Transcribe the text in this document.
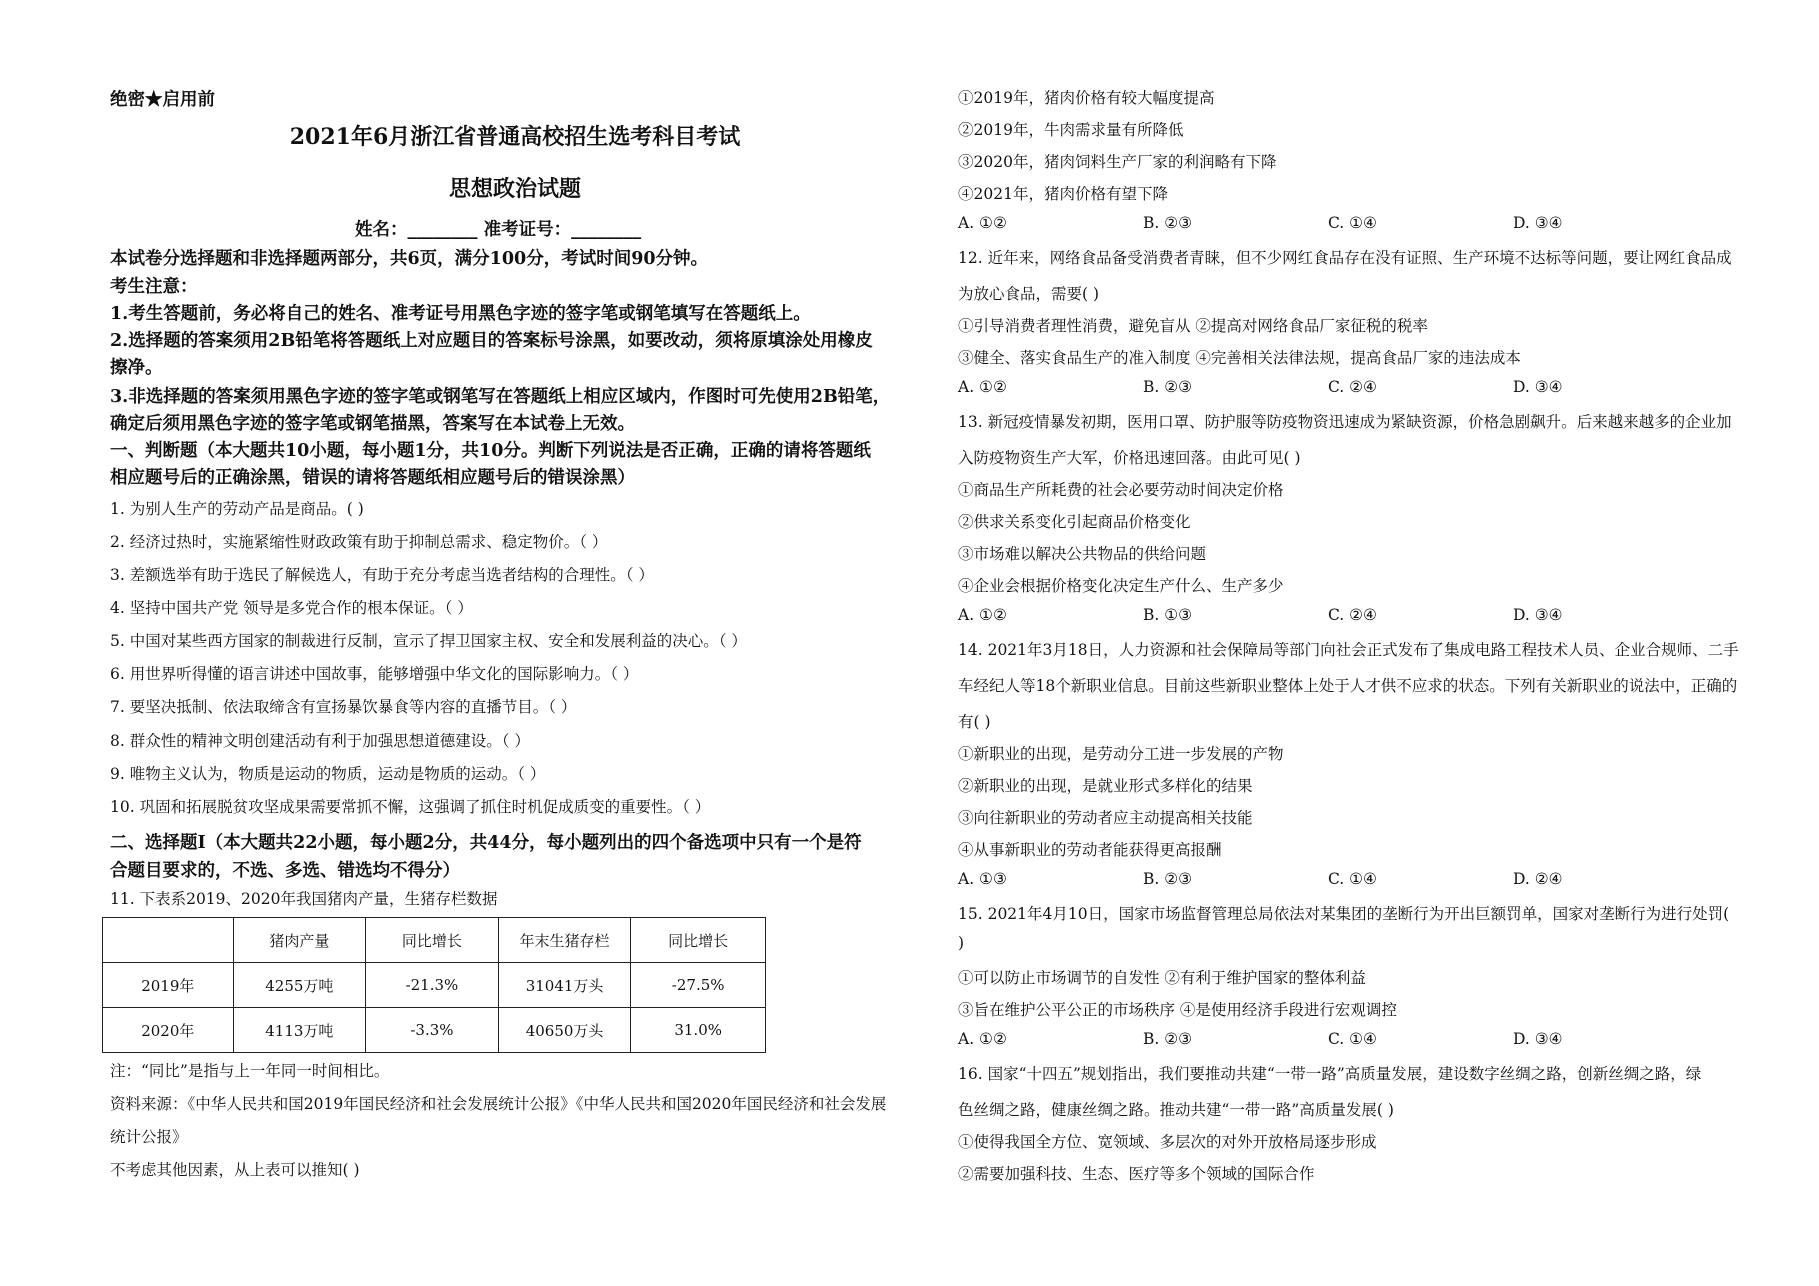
绝密★启用前
2021年6月浙江省普通高校招生选考科目考试
思想政治试题
姓名：________ 准考证号：________
本试卷分选择题和非选择题两部分，共6页，满分100分，考试时间90分钟。
考生注意：
1.考生答题前，务必将自己的姓名、准考证号用黑色字迹的签字笔或钢笔填写在答题纸上。
2.选择题的答案须用2B铅笔将答题纸上对应题目的答案标号涂黑，如要改动，须将原填涂处用橡皮
擦净。
3.非选择题的答案须用黑色字迹的签字笔或钢笔写在答题纸上相应区域内，作图时可先使用2B铅笔，
确定后须用黑色字迹的签字笔或钢笔描黑，答案写在本试卷上无效。
一、判断题（本大题共10小题，每小题1分，共10分。判断下列说法是否正确，正确的请将答题纸
相应题号后的正确涂黑，错误的请将答题纸相应题号后的错误涂黑）
1. 为别人生产的劳动产品是商品。( )
2. 经济过热时，实施紧缩性财政政策有助于抑制总需求、稳定物价。（ ）
3. 差额选举有助于选民了解候选人，有助于充分考虑当选者结构的合理性。（ ）
4. 坚持中国共产党 领导是多党合作的根本保证。（ ）
5. 中国对某些西方国家的制裁进行反制，宣示了捍卫国家主权、安全和发展利益的决心。（ ）
6. 用世界听得懂的语言讲述中国故事，能够增强中华文化的国际影响力。（ ）
7. 要坚决抵制、依法取缔含有宣扬暴饮暴食等内容的直播节目。（ ）
8. 群众性的精神文明创建活动有利于加强思想道德建设。（ ）
9. 唯物主义认为，物质是运动的物质，运动是物质的运动。（ ）
10. 巩固和拓展脱贫攻坚成果需要常抓不懈，这强调了抓住时机促成质变的重要性。（ ）
二、选择题Ⅰ（本大题共22小题，每小题2分，共44分，每小题列出的四个备选项中只有一个是符
合题目要求的，不选、多选、错选均不得分）
11. 下表系2019、2020年我国猪肉产量，生猪存栏数据
	猪肉产量	同比增长	年末生猪存栏	同比增长
2019年	4255万吨	-21.3%	31041万头	-27.5%
2020年	4113万吨	-3.3%	40650万头	31.0%
注：“同比”是指与上一年同一时间相比。
资料来源：《中华人民共和国2019年国民经济和社会发展统计公报》《中华人民共和国2020年国民经济和社会发展
统计公报》
不考虑其他因素，从上表可以推知( )
①2019年，猪肉价格有较大幅度提高
②2019年，牛肉需求量有所降低
③2020年，猪肉饲料生产厂家的利润略有下降
④2021年，猪肉价格有望下降
A. ①②	B. ②③	C. ①④	D. ③④
12. 近年来，网络食品备受消费者青睐，但不少网红食品存在没有证照、生产环境不达标等问题，要让网红食品成
为放心食品，需要( )
①引导消费者理性消费，避免盲从 ②提高对网络食品厂家征税的税率
③健全、落实食品生产的准入制度 ④完善相关法律法规，提高食品厂家的违法成本
A. ①②	B. ②③	C. ②④	D. ③④
13. 新冠疫情暴发初期，医用口罩、防护服等防疫物资迅速成为紧缺资源，价格急剧飙升。后来越来越多的企业加
入防疫物资生产大军，价格迅速回落。由此可见( )
①商品生产所耗费的社会必要劳动时间决定价格
②供求关系变化引起商品价格变化
③市场难以解决公共物品的供给问题
④企业会根据价格变化决定生产什么、生产多少
A. ①②	B. ①③	C. ②④	D. ③④
14. 2021年3月18日，人力资源和社会保障局等部门向社会正式发布了集成电路工程技术人员、企业合规师、二手
车经纪人等18个新职业信息。目前这些新职业整体上处于人才供不应求的状态。下列有关新职业的说法中，正确的
有( )
①新职业的出现，是劳动分工进一步发展的产物
②新职业的出现，是就业形式多样化的结果
③向往新职业的劳动者应主动提高相关技能
④从事新职业的劳动者能获得更高报酬
A. ①③	B. ②③	C. ①④	D. ②④
15. 2021年4月10日，国家市场监督管理总局依法对某集团的垄断行为开出巨额罚单，国家对垄断行为进行处罚(
)
①可以防止市场调节的自发性 ②有利于维护国家的整体利益
③旨在维护公平公正的市场秩序 ④是使用经济手段进行宏观调控
A. ①②	B. ②③	C. ①④	D. ③④
16. 国家“十四五”规划指出，我们要推动共建“一带一路”高质量发展，建设数字丝绸之路，创新丝绸之路，绿
色丝绸之路，健康丝绸之路。推动共建“一带一路”高质量发展( )
①使得我国全方位、宽领域、多层次的对外开放格局逐步形成
②需要加强科技、生态、医疗等多个领域的国际合作
